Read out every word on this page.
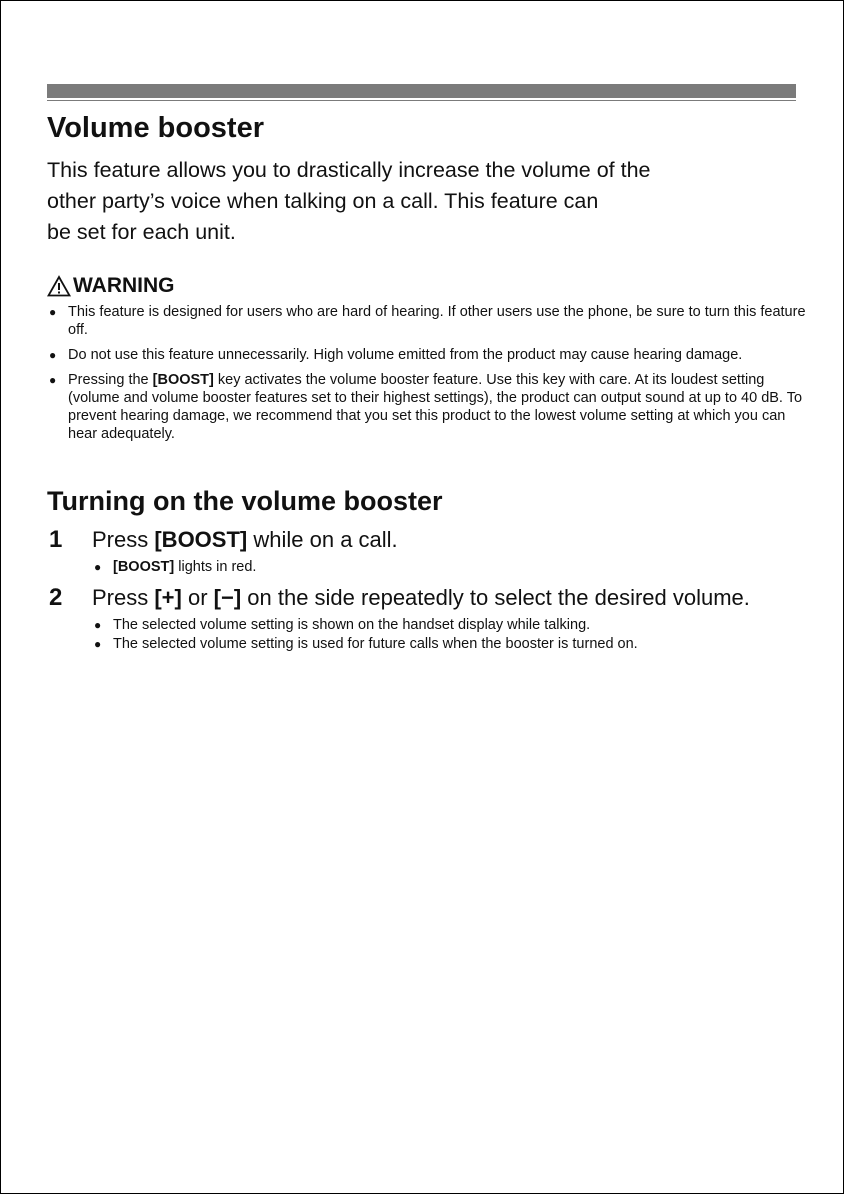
Volume booster

This feature allows you to drastically increase the volume of the
other party’s voice when talking on a call. This feature can
be set for each unit.

WARNING
● This feature is designed for users who are hard of hearing. If other users use the phone, be sure to turn this feature off.
● Do not use this feature unnecessarily. High volume emitted from the product may cause hearing damage.
● Pressing the [BOOST] key activates the volume booster feature. Use this key with care. At its loudest setting (volume and volume booster features set to their highest settings), the product can output sound at up to 40 dB. To prevent hearing damage, we recommend that you set this product to the lowest volume setting at which you can hear adequately.
Turning on the volume booster
1 Press [BOOST] while on a call.
● [BOOST] lights in red.
2 Press [+] or [−] on the side repeatedly to select the desired volume.
● The selected volume setting is shown on the handset display while talking.
● The selected volume setting is used for future calls when the booster is turned on.
